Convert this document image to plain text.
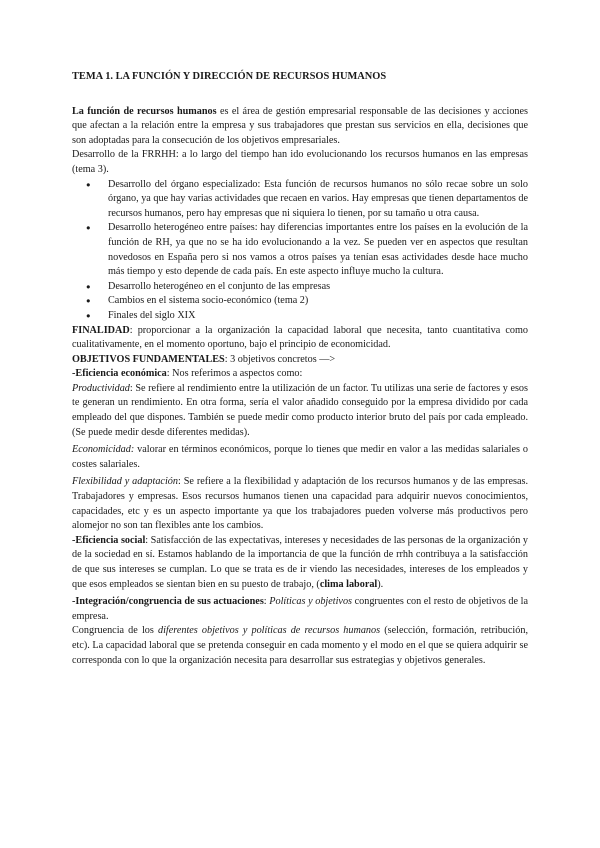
TEMA 1. LA FUNCIÓN Y DIRECCIÓN DE RECURSOS HUMANOS

La función de recursos humanos es el área de gestión empresarial responsable de las decisiones y acciones que afectan a la relación entre la empresa y sus trabajadores que prestan sus servicios en ella, decisiones que son adoptadas para la consecución de los objetivos empresariales.

Desarrollo de la FRRHH: a lo largo del tiempo han ido evolucionando los recursos humanos en las empresas (tema 3).

● Desarrollo del órgano especializado: Esta función de recursos humanos no sólo recae sobre un solo órgano, ya que hay varias actividades que recaen en varios. Hay empresas que tienen departamentos de recursos humanos, pero hay empresas que ni siquiera lo tienen, por su tamaño u otra causa.
● Desarrollo heterogéneo entre países: hay diferencias importantes entre los países en la evolución de la función de RH, ya que no se ha ido evolucionando a la vez. Se pueden ver en aspectos que resultan novedosos en España pero si nos vamos a otros países ya tenían esas actividades desde hace mucho más tiempo y esto depende de cada país. En este aspecto influye mucho la cultura.
● Desarrollo heterogéneo en el conjunto de las empresas
● Cambios en el sistema socio-económico (tema 2)
● Finales del siglo XIX

FINALIDAD: proporcionar a la organización la capacidad laboral que necesita, tanto cuantitativa como cualitativamente, en el momento oportuno, bajo el principio de economicidad.

OBJETIVOS FUNDAMENTALES: 3 objetivos concretos —>

-Eficiencia económica: Nos referimos a aspectos como:

Productividad: Se refiere al rendimiento entre la utilización de un factor. Tu utilizas una serie de factores y esos te generan un rendimiento. En otra forma, sería el valor añadido conseguido por la empresa dividido por cada empleado del que dispones. También se puede medir como producto interior bruto del país por cada empleado. (Se puede medir desde diferentes medidas).

Economicidad: valorar en términos económicos, porque lo tienes que medir en valor a las medidas salariales o costes salariales.

Flexibilidad y adaptación: Se refiere a la flexibilidad y adaptación de los recursos humanos y de las empresas. Trabajadores y empresas. Esos recursos humanos tienen una capacidad para adquirir nuevos conocimientos, capacidades, etc y es un aspecto importante ya que los trabajadores pueden volverse más productivos pero alomejor no son tan flexibles ante los cambios.

-Eficiencia social: Satisfacción de las expectativas, intereses y necesidades de las personas de la organización y de la sociedad en sí. Estamos hablando de la importancia de que la función de rrhh contribuya a la satisfacción de que sus intereses se cumplan. Lo que se trata es de ir viendo las necesidades, intereses de los empleados y que esos empleados se sientan bien en su puesto de trabajo, (clima laboral).

-Integración/congruencia de sus actuaciones: Políticas y objetivos congruentes con el resto de objetivos de la empresa.

Congruencia de los diferentes objetivos y políticas de recursos humanos (selección, formación, retribución, etc). La capacidad laboral que se pretenda conseguir en cada momento y el modo en el que se quiera adquirir se corresponda con lo que la organización necesita para desarrollar sus estrategias y objetivos generales.
